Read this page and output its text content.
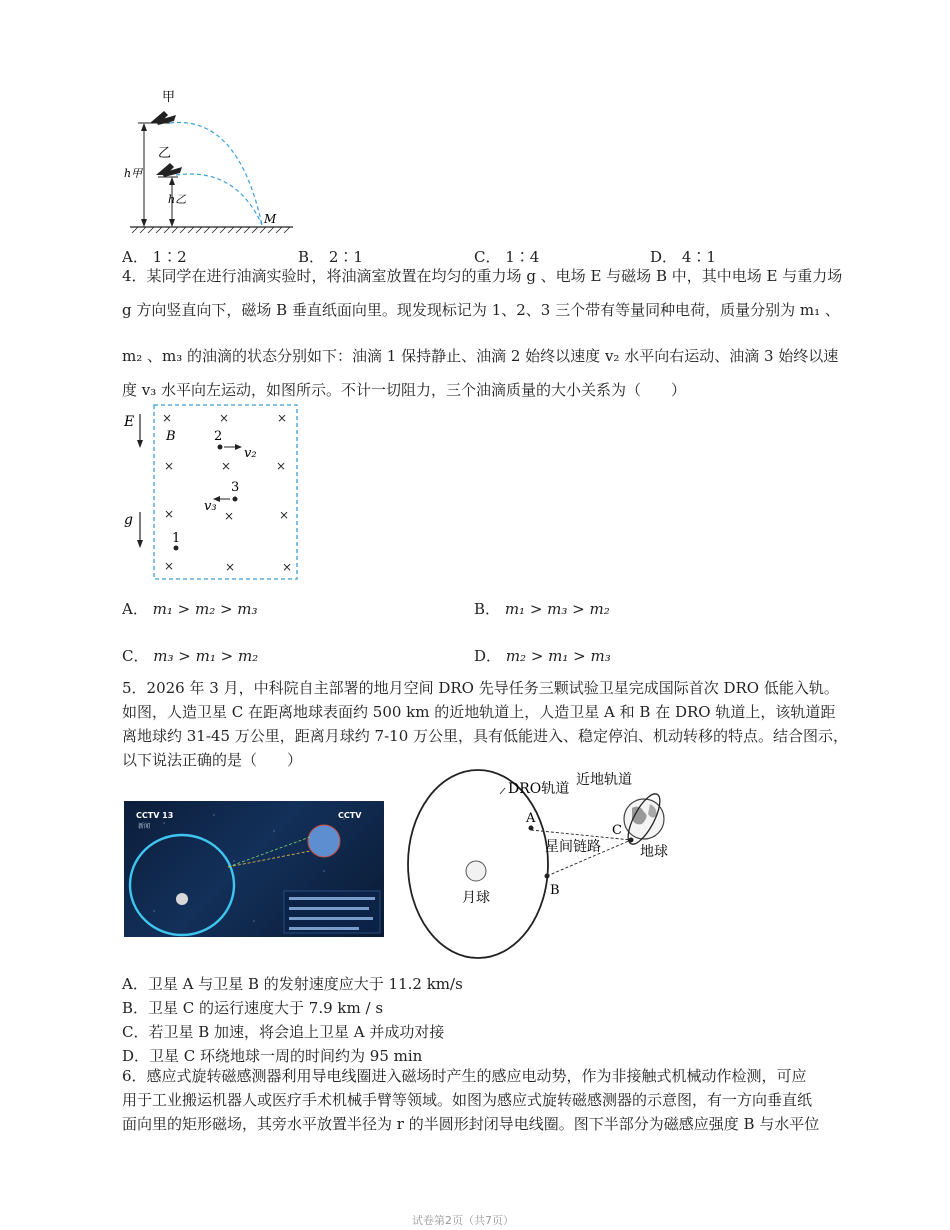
甲
乙
h甲
h乙
M
A． 1∶2	B． 2∶1	C． 1∶4	D． 4∶1
4．某同学在进行油滴实验时，将油滴室放置在均匀的重力场 g 、电场 E 与磁场 B 中，其中电场 E 与重力场
g 方向竖直向下，磁场 B 垂直纸面向里。现发现标记为 1、2、3 三个带有等量同种电荷，质量分别为 m₁ 、
m₂ 、m₃ 的油滴的状态分别如下：油滴 1 保持静止、油滴 2 始终以速度 v₂ 水平向右运动、油滴 3 始终以速
度 v₃ 水平向左运动，如图所示。不计一切阻力，三个油滴质量的大小关系为（　　）
E
g
B
×	×	×
×	×	×
×	×	×
×	×	×
2
v₂
3
v₃
1
A． m₁ > m₂ > m₃	B． m₁ > m₃ > m₂
C． m₃ > m₁ > m₂	D． m₂ > m₁ > m₃
5．2026 年 3 月，中科院自主部署的地月空间 DRO 先导任务三颗试验卫星完成国际首次 DRO 低能入轨。
如图，人造卫星 C 在距离地球表面约 500 km 的近地轨道上，人造卫星 A 和 B 在 DRO 轨道上，该轨道距
离地球约 31-45 万公里，距离月球约 7-10 万公里，具有低能进入、稳定停泊、机动转移的特点。结合图示，
以下说法正确的是（　　）
CCTV 13
新闻
CCTV
DRO轨道
近地轨道
A
B
C
星间链路	地球
月球
A．卫星 A 与卫星 B 的发射速度应大于 11.2 km/s
B．卫星 C 的运行速度大于 7.9 km / s
C．若卫星 B 加速，将会追上卫星 A 并成功对接
D．卫星 C 环绕地球一周的时间约为 95 min
6．感应式旋转磁感测器利用导电线圈进入磁场时产生的感应电动势，作为非接触式机械动作检测，可应
用于工业搬运机器人或医疗手术机械手臂等领域。如图为感应式旋转磁感测器的示意图，有一方向垂直纸
面向里的矩形磁场，其旁水平放置半径为 r 的半圆形封闭导电线圈。图下半部分为磁感应强度 B 与水平位
试卷第2页（共7页）
